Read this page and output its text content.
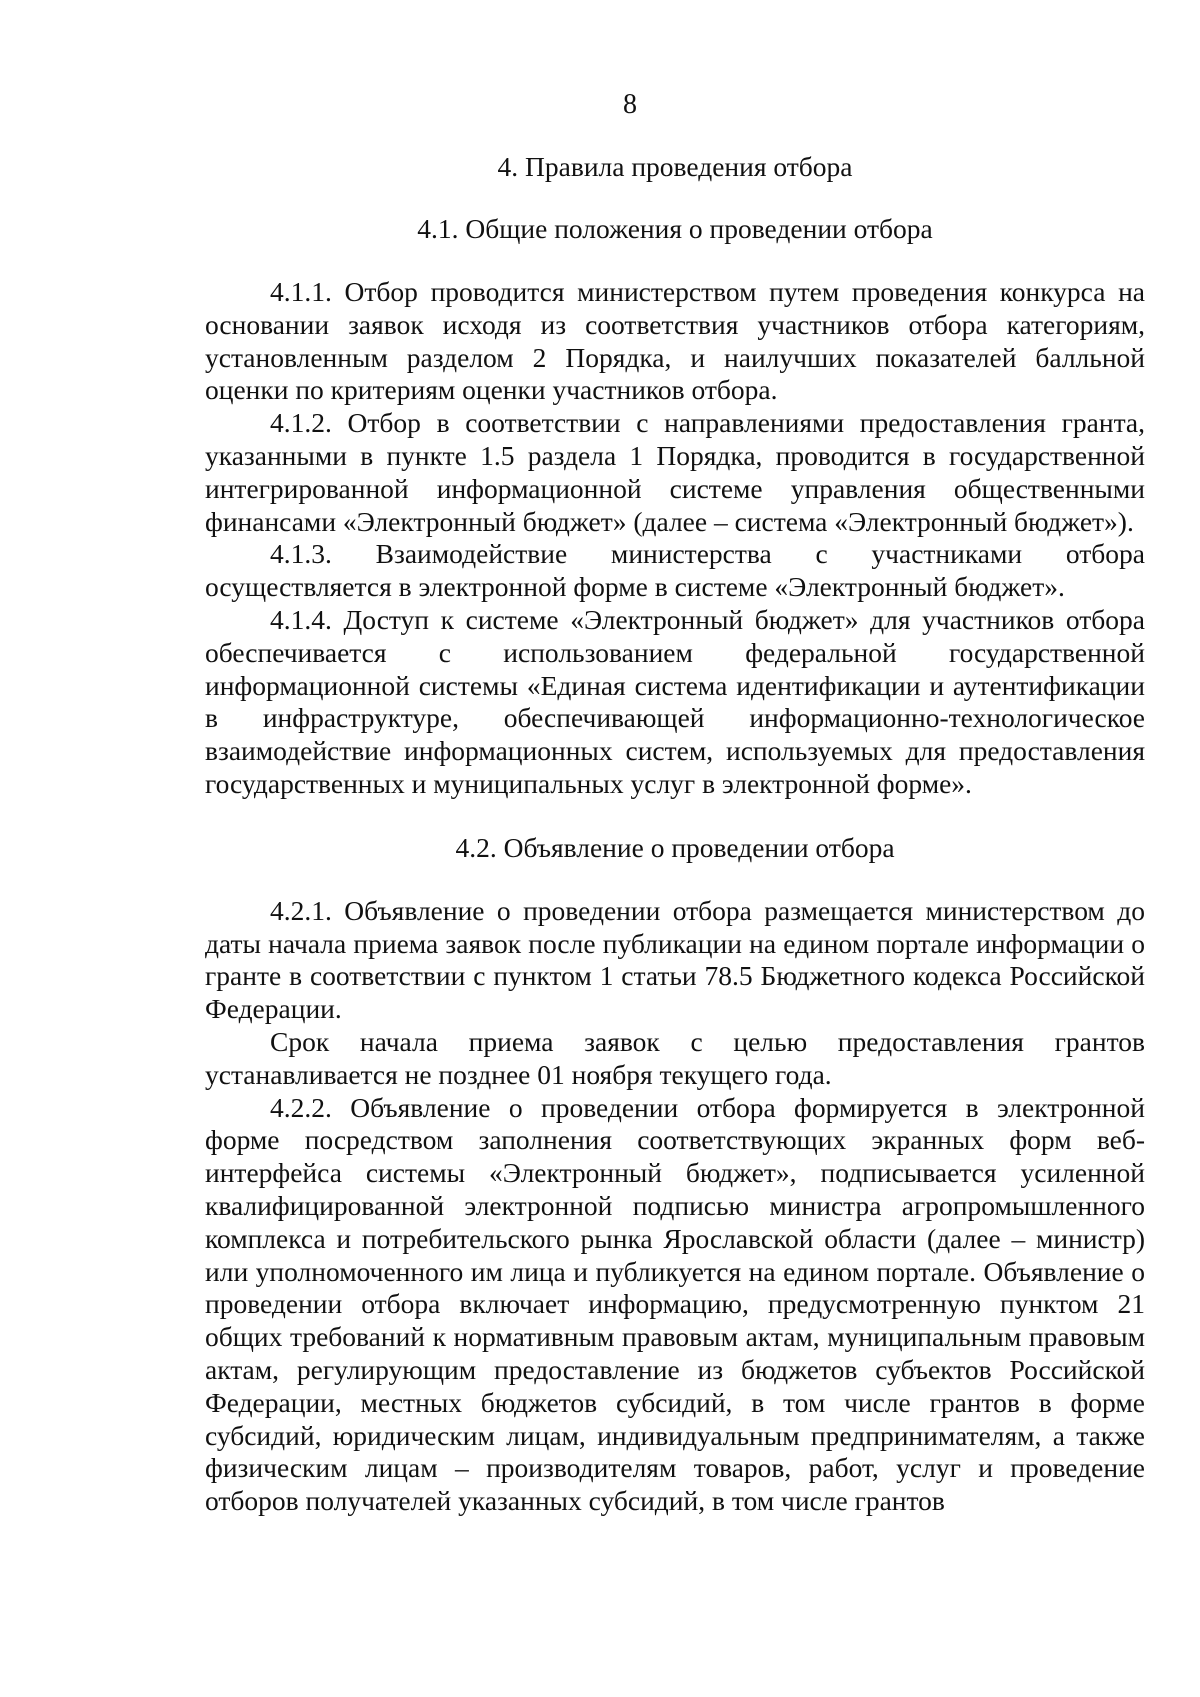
8
4. Правила проведения отбора
4.1. Общие положения о проведении отбора

4.1.1. Отбор проводится министерством путем проведения конкурса на основании заявок исходя из соответствия участников отбора категориям, установленным разделом 2 Порядка, и наилучших показателей балльной оценки по критериям оценки участников отбора.

4.1.2. Отбор в соответствии с направлениями предоставления гранта, указанными в пункте 1.5 раздела 1 Порядка, проводится в государственной интегрированной информационной системе управления общественными финансами «Электронный бюджет» (далее – система «Электронный бюджет»).

4.1.3. Взаимодействие министерства с участниками отбора осуществляется в электронной форме в системе «Электронный бюджет».

4.1.4. Доступ к системе «Электронный бюджет» для участников отбора обеспечивается с использованием федеральной государственной информационной системы «Единая система идентификации и аутентификации в инфраструктуре, обеспечивающей информационно-технологическое взаимодействие информационных систем, используемых для предоставления государственных и муниципальных услуг в электронной форме».

4.2. Объявление о проведении отбора

4.2.1. Объявление о проведении отбора размещается министерством до даты начала приема заявок после публикации на едином портале информации о гранте в соответствии с пунктом 1 статьи 78.5 Бюджетного кодекса Российской Федерации.

Срок начала приема заявок с целью предоставления грантов устанавливается не позднее 01 ноября текущего года.

4.2.2. Объявление о проведении отбора формируется в электронной форме посредством заполнения соответствующих экранных форм веб-интерфейса системы «Электронный бюджет», подписывается усиленной квалифицированной электронной подписью министра агропромышленного комплекса и потребительского рынка Ярославской области (далее – министр) или уполномоченного им лица и публикуется на едином портале. Объявление о проведении отбора включает информацию, предусмотренную пунктом 21 общих требований к нормативным правовым актам, муниципальным правовым актам, регулирующим предоставление из бюджетов субъектов Российской Федерации, местных бюджетов субсидий, в том числе грантов в форме субсидий, юридическим лицам, индивидуальным предпринимателям, а также физическим лицам – производителям товаров, работ, услуг и проведение отборов получателей указанных субсидий, в том числе грантов
